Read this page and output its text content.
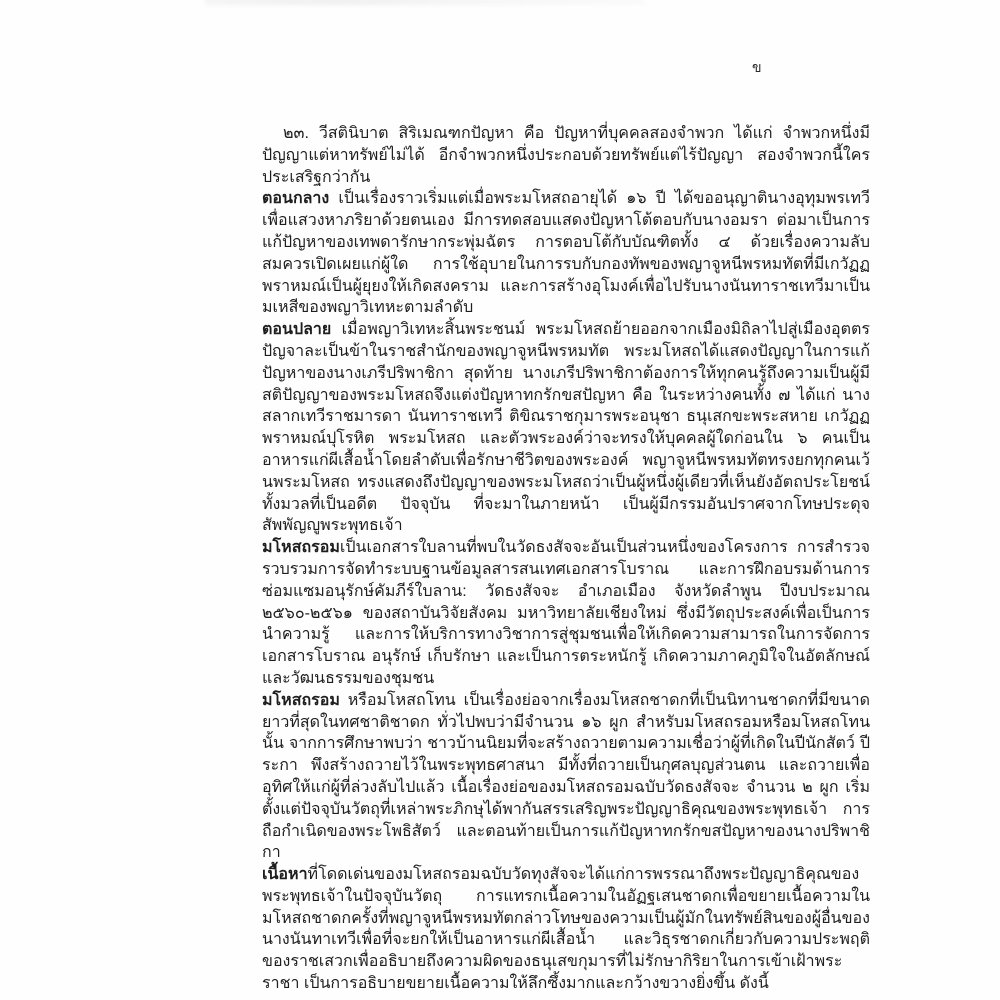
ข

๒๓. วีสตินิบาต สิริเมณฑกปัญหา คือ ปัญหาที่บุคคลสองจำพวก ได้แก่ จำพวกหนึ่งมีปัญญาแต่หาทรัพย์ไม่ได้ อีกจำพวกหนึ่งประกอบด้วยทรัพย์แต่ไร้ปัญญา สองจำพวกนี้ใครประเสริฐกว่ากัน

ตอนกลาง เป็นเรื่องราวเริ่มแต่เมื่อพระมโหสถอายุได้ ๑๖ ปี ได้ขออนุญาตินางอุทุมพรเทวีเพื่อแสวงหาภริยาด้วยตนเอง มีการทดสอบแสดงปัญหาโต้ตอบกับนางอมรา ต่อมาเป็นการแก้ปัญหาของเทพดารักษากระพุ่มฉัตร การตอบโต้กับบัณฑิตทั้ง ๔ ด้วยเรื่องความลับสมควรเปิดเผยแก่ผู้ใด การใช้อุบายในการรบกับกองทัพของพญาจูหนีพรหมทัตที่มีเกวัฏฏพราหมณ์เป็นผู้ยุยงให้เกิดสงคราม และการสร้างอุโมงค์เพื่อไปรับนางนันทาราชเทวีมาเป็นมเหสีของพญาวิเทหะตามลำดับ

ตอนปลาย เมื่อพญาวิเทหะสิ้นพระชนม์ พระมโหสถย้ายออกจากเมืองมิถิลาไปสู่เมืองอุตตรปัญจาละเป็นข้าในราชสำนักของพญาจูหนีพรหมทัต พระมโหสถได้แสดงปัญญาในการแก้ปัญหาของนางเภรีปริพาชิกา สุดท้าย นางเภรีปริพาชิกาต้องการให้ทุกคนรู้ถึงความเป็นผู้มีสติปัญญาของพระมโหสถจึงแต่งปัญหาทกรักขสปัญหา คือ ในระหว่างคนทั้ง ๗ ได้แก่ นางสลากเทวีราชมารดา นันทาราชเทวี ติขิณราชกุมารพระอนุชา ธนุเสกขะพระสหาย เกวัฏฏพราหมณ์ปุโรหิต พระมโหสถ และตัวพระองค์ว่าจะทรงให้บุคคลผู้ใดก่อนใน ๖ คนเป็นอาหารแก่ผีเสื้อน้ำโดยลำดับเพื่อรักษาชีวิตของพระองค์ พญาจูหนีพรหมทัตทรงยกทุกคนเว้นพระมโหสถ ทรงแสดงถึงปัญญาของพระมโหสถว่าเป็นผู้หนึ่งผู้เดียวที่เห็นยังอัตถประโยชน์ทั้งมวลที่เป็นอดีต ปัจจุบัน ที่จะมาในภายหน้า เป็นผู้มีกรรมอันปราศจากโทษประดุจสัพพัญญูพระพุทธเจ้า

มโหสถรอมเป็นเอกสารใบลานที่พบในวัดธงสัจจะอันเป็นส่วนหนึ่งของโครงการ การสำรวจ รวบรวมการจัดทำระบบฐานข้อมูลสารสนเทศเอกสารโบราณ และการฝึกอบรมด้านการซ่อมแซมอนุรักษ์คัมภีร์ใบลาน: วัดธงสัจจะ อำเภอเมือง จังหวัดลำพูน ปีงบประมาณ ๒๕๖๐-๒๕๖๑ ของสถาบันวิจัยสังคม มหาวิทยาลัยเชียงใหม่ ซึ่งมีวัตถุประสงค์เพื่อเป็นการนำความรู้ และการให้บริการทางวิชาการสู่ชุมชนเพื่อให้เกิดความสามารถในการจัดการเอกสารโบราณ อนุรักษ์ เก็บรักษา และเป็นการตระหนักรู้ เกิดความภาคภูมิใจในอัตลักษณ์และวัฒนธรรมของชุมชน

มโหสถรอม หรือมโหสถโทน เป็นเรื่องย่อจากเรื่องมโหสถชาดกที่เป็นนิทานชาดกที่มีขนาดยาวที่สุดในทศชาติชาดก ทั่วไปพบว่ามีจำนวน ๑๖ ผูก สำหรับมโหสถรอมหรือมโหสถโทนนั้น จากการศึกษาพบว่า ชาวบ้านนิยมที่จะสร้างถวายตามความเชื่อว่าผู้ที่เกิดในปีนักสัตว์ ปีระกา พึงสร้างถวายไว้ในพระพุทธศาสนา มีทั้งที่ถวายเป็นกุศลบุญส่วนตน และถวายเพื่ออุทิศให้แก่ผู้ที่ล่วงลับไปแล้ว เนื้อเรื่องย่อของมโหสถรอมฉบับวัดธงสัจจะ จำนวน ๒ ผูก เริ่มตั้งแต่ปัจจุบันวัตถุที่เหล่าพระภิกษุได้พากันสรรเสริญพระปัญญาธิคุณของพระพุทธเจ้า การถือกำเนิดของพระโพธิสัตว์ และตอนท้ายเป็นการแก้ปัญหาทกรักขสปัญหาของนางปริพาชิกา

เนื้อหาที่โดดเด่นของมโหสถรอมฉบับวัดทุงสัจจะได้แก่การพรรณาถึงพระปัญญาธิคุณของพระพุทธเจ้าในปัจจุบันวัตถุ การแทรกเนื้อความในอัฏฐเสนชาดกเพื่อขยายเนื้อความในมโหสถชาดกครั้งที่พญาจูหนีพรหมทัตกล่าวโทษของความเป็นผู้มักในทรัพย์สินของผู้อื่นของนางนันทาเทวีเพื่อที่จะยกให้เป็นอาหารแก่ผีเสื้อน้ำ และวิธุรชาดกเกี่ยวกับความประพฤติของราชเสวกเพื่ออธิบายถึงความผิดของธนุเสขกุมารที่ไม่รักษากิริยาในการเข้าเฝ้าพระราชา เป็นการอธิบายขยายเนื้อความให้ลึกซึ้งมากและกว้างขวางยิ่งขึ้น ดังนี้
